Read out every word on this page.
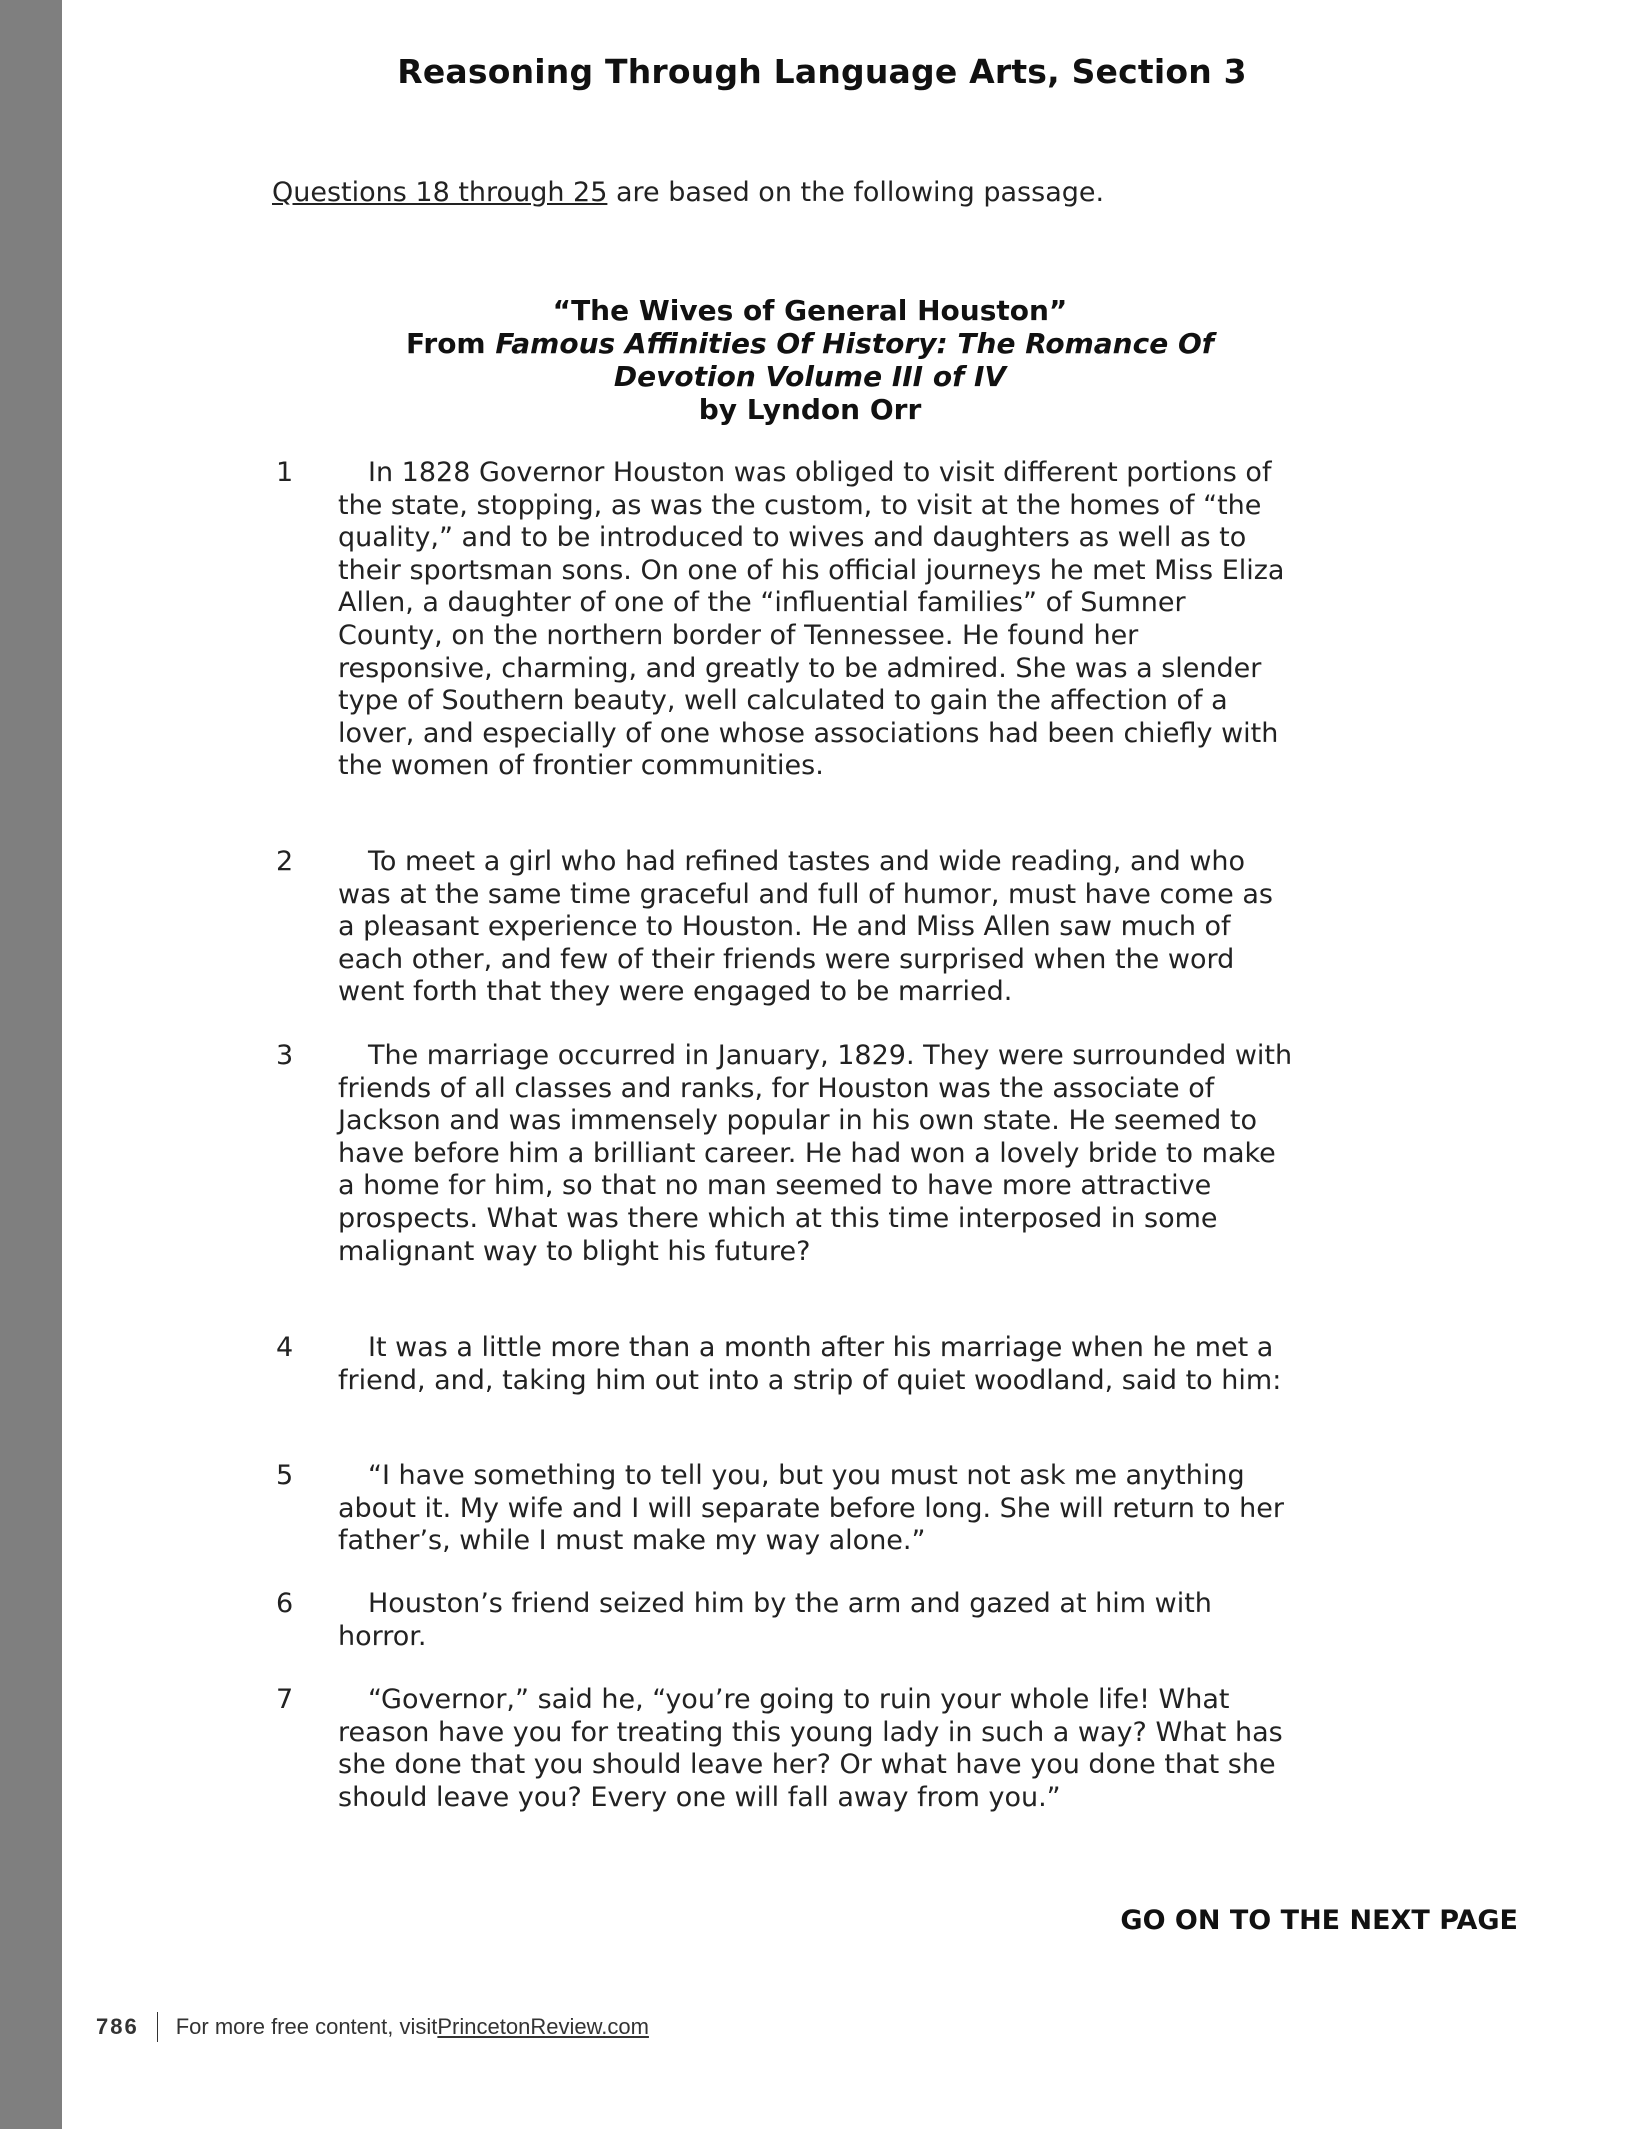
Reasoning Through Language Arts, Section 3
Questions 18 through 25 are based on the following passage.
“The Wives of General Houston”
From Famous Affinities Of History: The Romance Of
Devotion Volume III of IV
by Lyndon Orr
1	In 1828 Governor Houston was obliged to visit different portions of the state, stopping, as was the custom, to visit at the homes of “the quality,” and to be introduced to wives and daughters as well as to their sportsman sons. On one of his official journeys he met Miss Eliza Allen, a daughter of one of the “influential families” of Sumner County, on the northern border of Tennessee. He found her responsive, charming, and greatly to be admired. She was a slender type of Southern beauty, well calculated to gain the affection of a lover, and especially of one whose associations had been chiefly with the women of frontier communities.
2	To meet a girl who had refined tastes and wide reading, and who was at the same time graceful and full of humor, must have come as a pleasant experience to Houston. He and Miss Allen saw much of each other, and few of their friends were surprised when the word went forth that they were engaged to be married.
3	The marriage occurred in January, 1829. They were surrounded with friends of all classes and ranks, for Houston was the associate of Jackson and was immensely popular in his own state. He seemed to have before him a brilliant career. He had won a lovely bride to make a home for him, so that no man seemed to have more attractive prospects. What was there which at this time interposed in some malignant way to blight his future?
4	It was a little more than a month after his marriage when he met a friend, and, taking him out into a strip of quiet woodland, said to him:
5	“I have something to tell you, but you must not ask me anything about it. My wife and I will separate before long. She will return to her father’s, while I must make my way alone.”
6	Houston’s friend seized him by the arm and gazed at him with horror.
7	“Governor,” said he, “you’re going to ruin your whole life! What reason have you for treating this young lady in such a way? What has she done that you should leave her? Or what have you done that she should leave you? Every one will fall away from you.”
GO ON TO THE NEXT PAGE
786 For more free content, visit PrincetonReview.com
